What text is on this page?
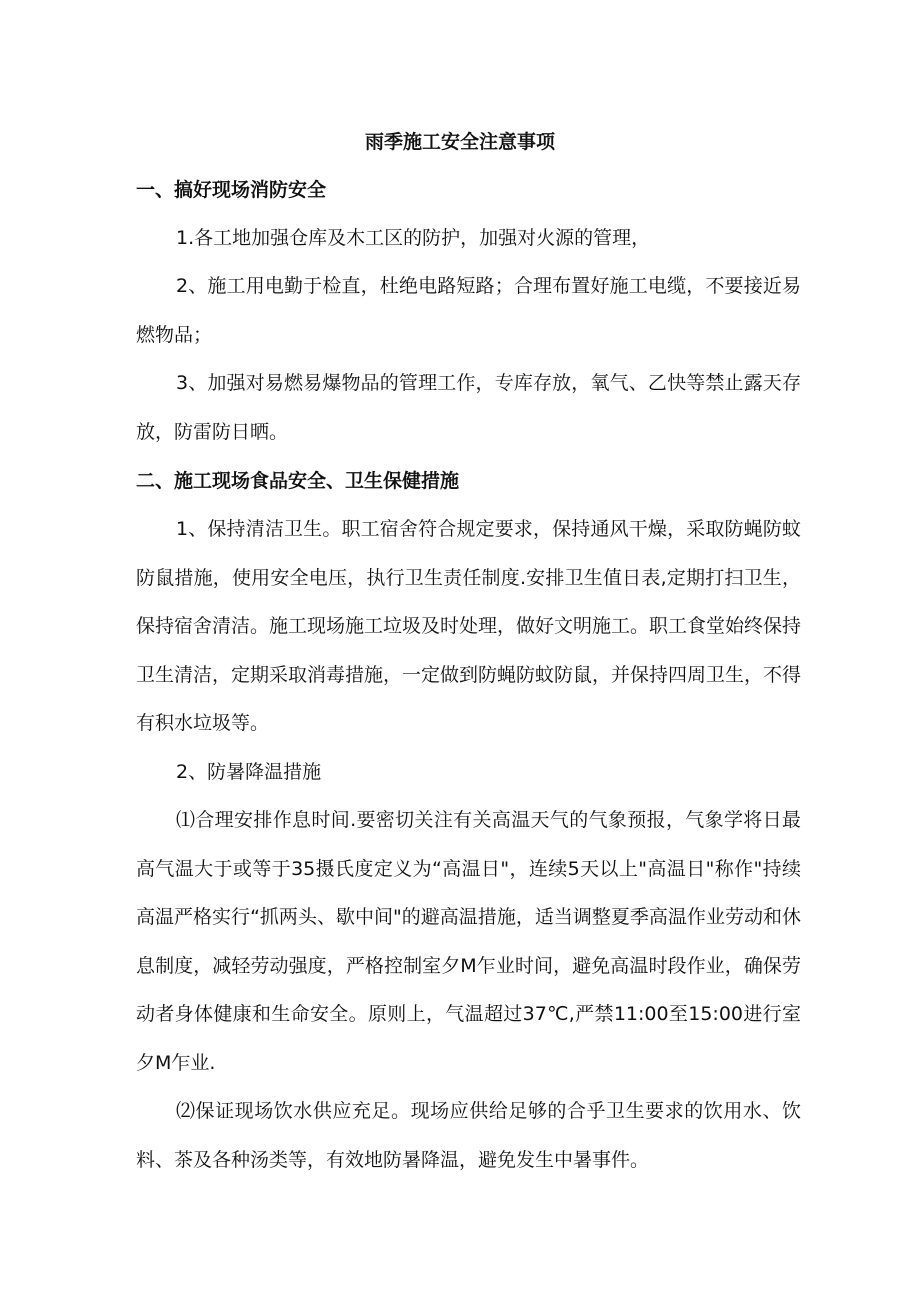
雨季施工安全注意事项
一、搞好现场消防安全

1.各工地加强仓库及木工区的防护，加强对火源的管理，

2、施工用电勤于检直，杜绝电路短路；合理布置好施工电缆，不要接近易燃物品；

3、加强对易燃易爆物品的管理工作，专库存放，氧气、乙快等禁止露天存放，防雷防日晒。

二、施工现场食品安全、卫生保健措施

1、保持清洁卫生。职工宿舍符合规定要求，保持通风干燥，采取防蝇防蚊防鼠措施，使用安全电压，执行卫生责任制度.安排卫生值日表,定期打扫卫生，保持宿舍清洁。施工现场施工垃圾及时处理，做好文明施工。职工食堂始终保持卫生清洁，定期采取消毒措施，一定做到防蝇防蚊防鼠，并保持四周卫生，不得有积水垃圾等。

2、防暑降温措施

⑴合理安排作息时间.要密切关注有关高温天气的气象预报，气象学将日最高气温大于或等于35摄氏度定义为“高温日"，连续5天以上"高温日"称作"持续高温严格实行“抓两头、歇中间"的避高温措施，适当调整夏季高温作业劳动和休息制度，减轻劳动强度，严格控制室夕M乍业时间，避免高温时段作业，确保劳动者身体健康和生命安全。原则上，气温超过37℃,严禁11:00至15:00进行室夕M乍业.

⑵保证现场饮水供应充足。现场应供给足够的合乎卫生要求的饮用水、饮料、茶及各种汤类等，有效地防暑降温，避免发生中暑事件。
